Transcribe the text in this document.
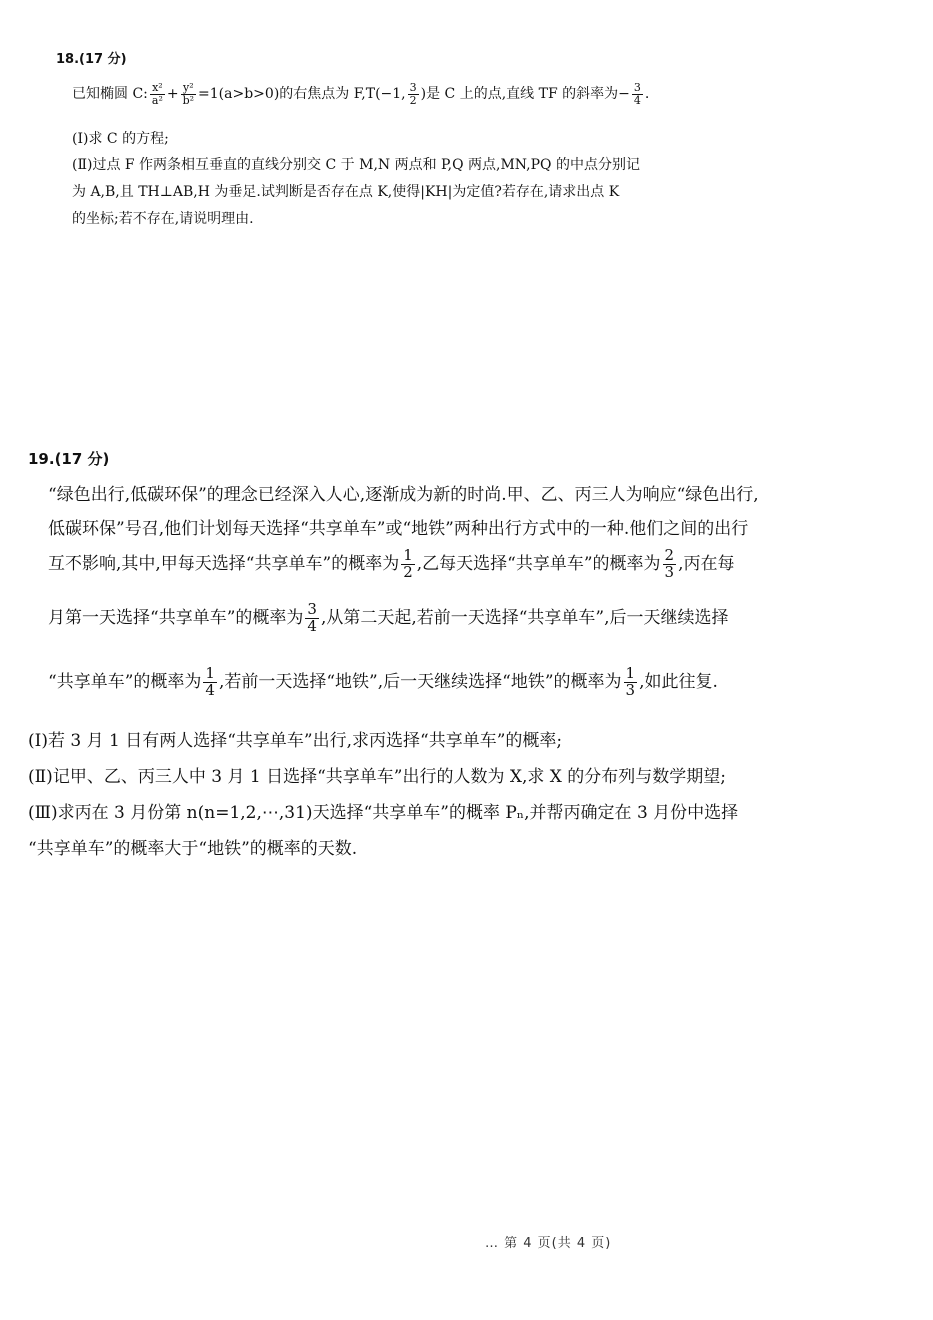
18.(17 分)
已知椭圆 C: $\frac{\text{x²}}{\text{a²}} + \frac{\text{y²}}{\text{b²}} =1(a>b>0)$的右焦点为 F,T(−1, $\frac{3}{2}$ )是 C 上的点,直线 TF 的斜率为− $\frac{3}{4}$ .
(Ⅰ)求 C 的方程;
(Ⅱ)过点 F 作两条相互垂直的直线分别交 C 于 M,N 两点和 P,Q 两点,MN,PQ 的中点分别记
为 A,B,且 TH⊥AB,H 为垂足.试判断是否存在点 K,使得|KH|为定值?若存在,请求出点 K
的坐标;若不存在,请说明理由.
19.(17 分)
“绿色出行,低碳环保”的理念已经深入人心,逐渐成为新的时尚.甲、乙、丙三人为响应“绿色出行,
低碳环保”号召,他们计划每天选择“共享单车”或“地铁”两种出行方式中的一种.他们之间的出行
互不影响,其中,甲每天选择“共享单车”的概率为 $\frac{1}{2}$ ,乙每天选择“共享单车”的概率为 $\frac{2}{3}$ ,丙在每
月第一天选择“共享单车”的概率为 $\frac{3}{4}$ ,从第二天起,若前一天选择“共享单车”,后一天继续选择
“共享单车”的概率为 $\frac{1}{4}$ ,若前一天选择“地铁”,后一天继续选择“地铁”的概率为 $\frac{1}{3}$ ,如此往复.
(Ⅰ)若 3 月 1 日有两人选择“共享单车”出行,求丙选择“共享单车”的概率;
(Ⅱ)记甲、乙、丙三人中 3 月 1 日选择“共享单车”出行的人数为 X,求 X 的分布列与数学期望;
(Ⅲ)求丙在 3 月份第 n(n=1,2,⋯,31)天选择“共享单车”的概率 Pₙ,并帮丙确定在 3 月份中选择
“共享单车”的概率大于“地铁”的概率的天数.
… 第 4 页(共 4 页)
